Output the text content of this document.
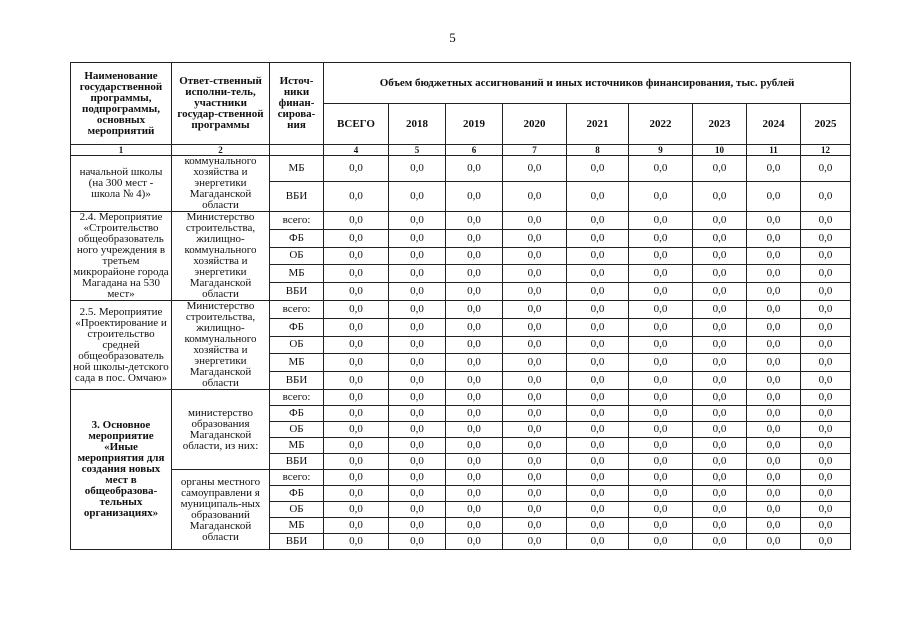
5
Наименование государственной программы, подпрограммы, основных мероприятий	Ответ-ственный исполни-тель, участники государ-ственной программы	Источ-ники финан-сирова-ния	Объем бюджетных ассигнований и иных источников финансирования, тыс. рублей								
			ВСЕГО	2018	2019	2020	2021	2022	2023	2024	2025
1	2		4	5	6	7	8	9	10	11	12
начальной школы (на 300 мест - школа № 4)»	коммунального хозяйства и энергетики Магаданской области	МБ	0,0	0,0	0,0	0,0	0,0	0,0	0,0	0,0	0,0
		ВБИ	0,0	0,0	0,0	0,0	0,0	0,0	0,0	0,0	0,0
2.4. Мероприятие «Строительство общеобразователь ного учреждения в третьем микрорайоне города Магадана на 530 мест»	Министерство строительства, жилищно-коммунального хозяйства и энергетики Магаданской области	всего:	0,0	0,0	0,0	0,0	0,0	0,0	0,0	0,0	0,0
		ФБ	0,0	0,0	0,0	0,0	0,0	0,0	0,0	0,0	0,0
		ОБ	0,0	0,0	0,0	0,0	0,0	0,0	0,0	0,0	0,0
		МБ	0,0	0,0	0,0	0,0	0,0	0,0	0,0	0,0	0,0
		ВБИ	0,0	0,0	0,0	0,0	0,0	0,0	0,0	0,0	0,0
2.5. Мероприятие «Проектирование и строительство средней общеобразователь ной школы-детского сада в пос. Омчаю»	Министерство строительства, жилищно-коммунального хозяйства и энергетики Магаданской области	всего:	0,0	0,0	0,0	0,0	0,0	0,0	0,0	0,0	0,0
		ФБ	0,0	0,0	0,0	0,0	0,0	0,0	0,0	0,0	0,0
		ОБ	0,0	0,0	0,0	0,0	0,0	0,0	0,0	0,0	0,0
		МБ	0,0	0,0	0,0	0,0	0,0	0,0	0,0	0,0	0,0
		ВБИ	0,0	0,0	0,0	0,0	0,0	0,0	0,0	0,0	0,0
3. Основное мероприятие «Иные мероприятия для создания новых мест в общеобразова-тельных организациях»	министерство образования Магаданской области, из них:	всего:	0,0	0,0	0,0	0,0	0,0	0,0	0,0	0,0	0,0
		ФБ	0,0	0,0	0,0	0,0	0,0	0,0	0,0	0,0	0,0
		ОБ	0,0	0,0	0,0	0,0	0,0	0,0	0,0	0,0	0,0
		МБ	0,0	0,0	0,0	0,0	0,0	0,0	0,0	0,0	0,0
		ВБИ	0,0	0,0	0,0	0,0	0,0	0,0	0,0	0,0	0,0
	органы местного самоуправлени я муниципаль-ных образований Магаданской области	всего:	0,0	0,0	0,0	0,0	0,0	0,0	0,0	0,0	0,0
		ФБ	0,0	0,0	0,0	0,0	0,0	0,0	0,0	0,0	0,0
		ОБ	0,0	0,0	0,0	0,0	0,0	0,0	0,0	0,0	0,0
		МБ	0,0	0,0	0,0	0,0	0,0	0,0	0,0	0,0	0,0
		ВБИ	0,0	0,0	0,0	0,0	0,0	0,0	0,0	0,0	0,0
